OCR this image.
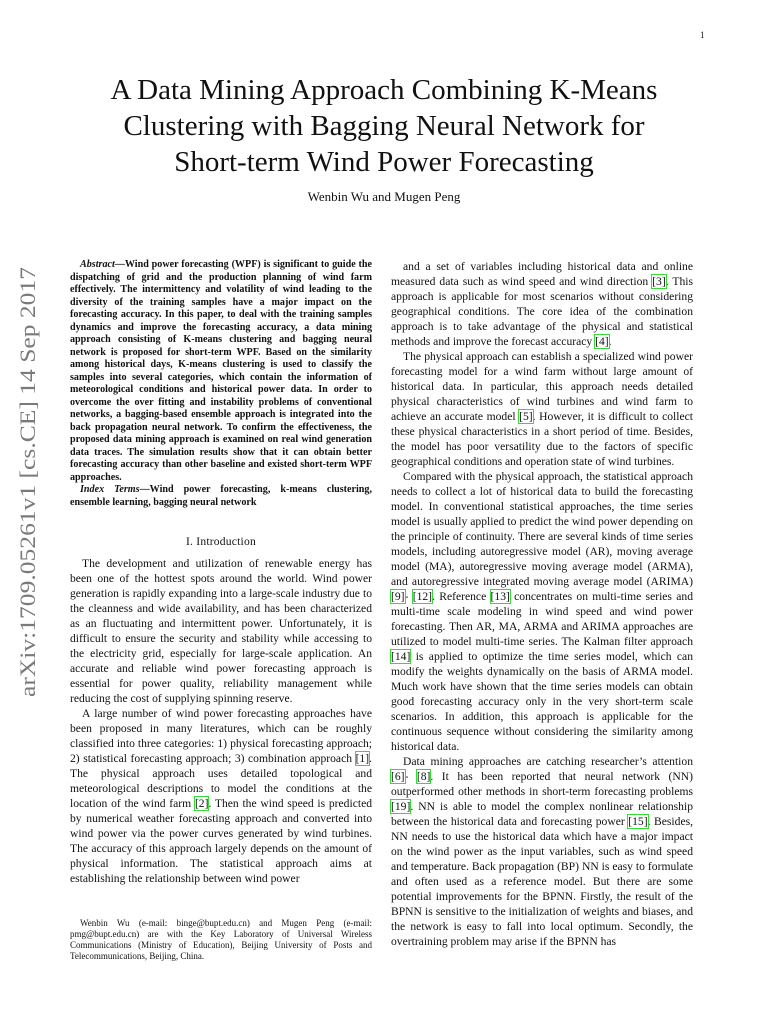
1
arXiv:1709.05261v1 [cs.CE] 14 Sep 2017
A Data Mining Approach Combining K-Means
Clustering with Bagging Neural Network for
Short-term Wind Power Forecasting
Wenbin Wu and Mugen Peng

Abstract—Wind power forecasting (WPF) is significant to guide the dispatching of grid and the production planning of wind farm effectively. The intermittency and volatility of wind leading to the diversity of the training samples have a major impact on the forecasting accuracy. In this paper, to deal with the training samples dynamics and improve the forecasting accuracy, a data mining approach consisting of K-means clustering and bagging neural network is proposed for short-term WPF. Based on the similarity among historical days, K-means clustering is used to classify the samples into several categories, which contain the information of meteorological conditions and historical power data. In order to overcome the over fitting and instability problems of conventional networks, a bagging-based ensemble approach is integrated into the back propagation neural network. To confirm the effectiveness, the proposed data mining approach is examined on real wind generation data traces. The simulation results show that it can obtain better forecasting accuracy than other baseline and existed short-term WPF approaches.

Index Terms—Wind power forecasting, k-means clustering, ensemble learning, bagging neural network

I. Introduction

The development and utilization of renewable energy has been one of the hottest spots around the world. Wind power generation is rapidly expanding into a large-scale industry due to the cleanness and wide availability, and has been characterized as an fluctuating and intermittent power. Unfortunately, it is difficult to ensure the security and stability while accessing to the electricity grid, especially for large-scale application. An accurate and reliable wind power forecasting approach is essential for power quality, reliability management while reducing the cost of supplying spinning reserve.

A large number of wind power forecasting approaches have been proposed in many literatures, which can be roughly classified into three categories: 1) physical forecasting approach; 2) statistical forecasting approach; 3) combination approach [1]. The physical approach uses detailed topological and meteorological descriptions to model the conditions at the location of the wind farm [2]. Then the wind speed is predicted by numerical weather forecasting approach and converted into wind power via the power curves generated by wind turbines. The accuracy of this approach largely depends on the amount of physical information. The statistical approach aims at establishing the relationship between wind power

and a set of variables including historical data and online measured data such as wind speed and wind direction [3]. This approach is applicable for most scenarios without considering geographical conditions. The core idea of the combination approach is to take advantage of the physical and statistical methods and improve the forecast accuracy [4].

The physical approach can establish a specialized wind power forecasting model for a wind farm without large amount of historical data. In particular, this approach needs detailed physical characteristics of wind turbines and wind farm to achieve an accurate model [5]. However, it is difficult to collect these physical characteristics in a short period of time. Besides, the model has poor versatility due to the factors of specific geographical conditions and operation state of wind turbines.

Compared with the physical approach, the statistical approach needs to collect a lot of historical data to build the forecasting model. In conventional statistical approaches, the time series model is usually applied to predict the wind power depending on the principle of continuity. There are several kinds of time series models, including autoregressive model (AR), moving average model (MA), autoregressive moving average model (ARMA), and autoregressive integrated moving average model (ARIMA) [9]- [12]. Reference [13] concentrates on multi-time series and multi-time scale modeling in wind speed and wind power forecasting. Then AR, MA, ARMA and ARIMA approaches are utilized to model multi-time series. The Kalman filter approach [14] is applied to optimize the time series model, which can modify the weights dynamically on the basis of ARMA model. Much work have shown that the time series models can obtain good forecasting accuracy only in the very short-term scale scenarios. In addition, this approach is applicable for the continuous sequence without considering the similarity among historical data.

Data mining approaches are catching researcher’s attention [6]- [8]. It has been reported that neural network (NN) outperformed other methods in short-term forecasting problems [19]. NN is able to model the complex nonlinear relationship between the historical data and forecasting power [15]. Besides, NN needs to use the historical data which have a major impact on the wind power as the input variables, such as wind speed and temperature. Back propagation (BP) NN is easy to formulate and often used as a reference model. But there are some potential improvements for the BPNN. Firstly, the result of the BPNN is sensitive to the initialization of weights and biases, and the network is easy to fall into local optimum. Secondly, the overtraining problem may arise if the BPNN has

Wenbin Wu (e-mail: binge@bupt.edu.cn) and Mugen Peng (e-mail: pmg@bupt.edu.cn) are with the Key Laboratory of Universal Wireless Communications (Ministry of Education), Beijing University of Posts and Telecommunications, Beijing, China.
